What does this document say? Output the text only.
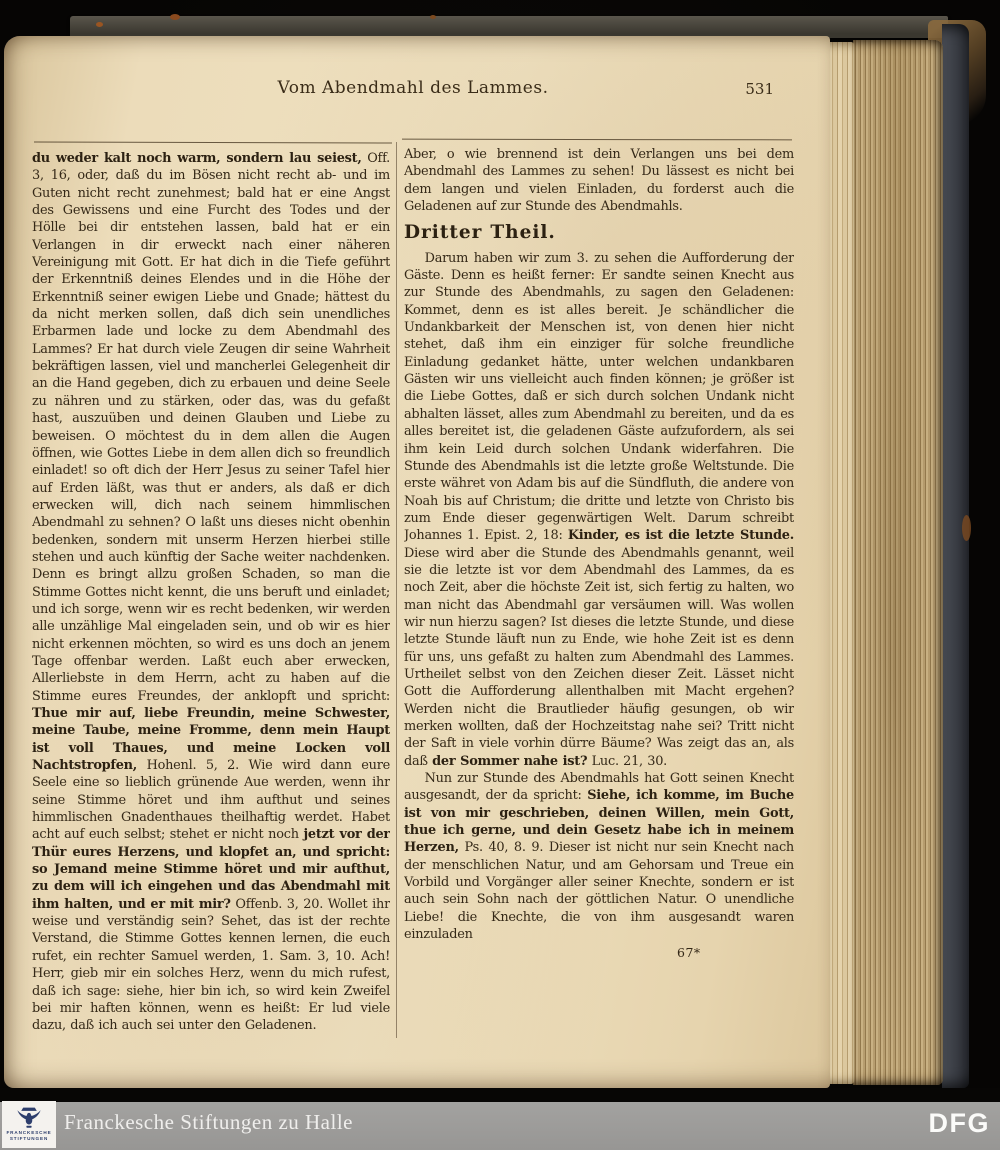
Vom Abendmahl des Lammes.	531

du weder kalt noch warm, sondern lau seiest, Off. 3, 16, oder, daß du im Bösen nicht recht ab- und im Guten nicht recht zunehmest; bald hat er eine Angst des Gewissens und eine Furcht des Todes und der Hölle bei dir entstehen lassen, bald hat er ein Verlangen in dir erweckt nach einer näheren Vereinigung mit Gott. Er hat dich in die Tiefe geführt der Erkenntniß deines Elendes und in die Höhe der Erkenntniß seiner ewigen Liebe und Gnade; hättest du da nicht merken sollen, daß dich sein unendliches Erbarmen lade und locke zu dem Abendmahl des Lammes? Er hat durch viele Zeugen dir seine Wahrheit bekräftigen lassen, viel und mancherlei Gelegenheit dir an die Hand gegeben, dich zu erbauen und deine Seele zu nähren und zu stärken, oder das, was du gefaßt hast, auszuüben und deinen Glauben und Liebe zu beweisen. O möchtest du in dem allen die Augen öffnen, wie Gottes Liebe in dem allen dich so freundlich einladet! so oft dich der Herr Jesus zu seiner Tafel hier auf Erden läßt, was thut er anders, als daß er dich erwecken will, dich nach seinem himmlischen Abendmahl zu sehnen? O laßt uns dieses nicht obenhin bedenken, sondern mit unserm Herzen hierbei stille stehen und auch künftig der Sache weiter nachdenken. Denn es bringt allzu großen Schaden, so man die Stimme Gottes nicht kennt, die uns beruft und einladet; und ich sorge, wenn wir es recht bedenken, wir werden alle unzählige Mal eingeladen sein, und ob wir es hier nicht erkennen möchten, so wird es uns doch an jenem Tage offenbar werden. Laßt euch aber erwecken, Allerliebste in dem Herrn, acht zu haben auf die Stimme eures Freundes, der anklopft und spricht: Thue mir auf, liebe Freundin, meine Schwester, meine Taube, meine Fromme, denn mein Haupt ist voll Thaues, und meine Locken voll Nachtstropfen, Hohenl. 5, 2. Wie wird dann eure Seele eine so lieblich grünende Aue werden, wenn ihr seine Stimme höret und ihm aufthut und seines himmlischen Gnadenthaues theilhaftig werdet. Habet acht auf euch selbst; stehet er nicht noch jetzt vor der Thür eures Herzens, und klopfet an, und spricht: so Jemand meine Stimme höret und mir aufthut, zu dem will ich eingehen und das Abendmahl mit ihm halten, und er mit mir? Offenb. 3, 20. Wollet ihr weise und verständig sein? Sehet, das ist der rechte Verstand, die Stimme Gottes kennen lernen, die euch rufet, ein rechter Samuel werden, 1. Sam. 3, 10. Ach! Herr, gieb mir ein solches Herz, wenn du mich rufest, daß ich sage: siehe, hier bin ich, so wird kein Zweifel bei mir haften können, wenn es heißt: Er lud viele dazu, daß ich auch sei unter den Geladenen.

Aber, o wie brennend ist dein Verlangen uns bei dem Abendmahl des Lammes zu sehen! Du lässest es nicht bei dem langen und vielen Einladen, du forderst auch die Geladenen auf zur Stunde des Abendmahls.

Dritter Theil.

Darum haben wir zum 3. zu sehen die Aufforderung der Gäste. Denn es heißt ferner: Er sandte seinen Knecht aus zur Stunde des Abendmahls, zu sagen den Geladenen: Kommet, denn es ist alles bereit. Je schändlicher die Undankbarkeit der Menschen ist, von denen hier nicht stehet, daß ihm ein einziger für solche freundliche Einladung gedanket hätte, unter welchen undankbaren Gästen wir uns vielleicht auch finden können; je größer ist die Liebe Gottes, daß er sich durch solchen Undank nicht abhalten lässet, alles zum Abendmahl zu bereiten, und da es alles bereitet ist, die geladenen Gäste aufzufordern, als sei ihm kein Leid durch solchen Undank widerfahren. Die Stunde des Abendmahls ist die letzte große Weltstunde. Die erste währet von Adam bis auf die Sündfluth, die andere von Noah bis auf Christum; die dritte und letzte von Christo bis zum Ende dieser gegenwärtigen Welt. Darum schreibt Johannes 1. Epist. 2, 18: Kinder, es ist die letzte Stunde. Diese wird aber die Stunde des Abendmahls genannt, weil sie die letzte ist vor dem Abendmahl des Lammes, da es noch Zeit, aber die höchste Zeit ist, sich fertig zu halten, wo man nicht das Abendmahl gar versäumen will. Was wollen wir nun hierzu sagen? Ist dieses die letzte Stunde, und diese letzte Stunde läuft nun zu Ende, wie hohe Zeit ist es denn für uns, uns gefaßt zu halten zum Abendmahl des Lammes. Urtheilet selbst von den Zeichen dieser Zeit. Lässet nicht Gott die Aufforderung allenthalben mit Macht ergehen? Werden nicht die Brautlieder häufig gesungen, ob wir merken wollten, daß der Hochzeitstag nahe sei? Tritt nicht der Saft in viele vorhin dürre Bäume? Was zeigt das an, als daß der Sommer nahe ist? Luc. 21, 30.

Nun zur Stunde des Abendmahls hat Gott seinen Knecht ausgesandt, der da spricht: Siehe, ich komme, im Buche ist von mir geschrieben, deinen Willen, mein Gott, thue ich gerne, und dein Gesetz habe ich in meinem Herzen, Ps. 40, 8. 9. Dieser ist nicht nur sein Knecht nach der menschlichen Natur, und am Gehorsam und Treue ein Vorbild und Vorgänger aller seiner Knechte, sondern er ist auch sein Sohn nach der göttlichen Natur. O unendliche Liebe! die Knechte, die von ihm ausgesandt waren einzuladen

67*
FRANCKESCHE
STIFTUNGEN
Franckesche Stiftungen zu Halle	DFG
